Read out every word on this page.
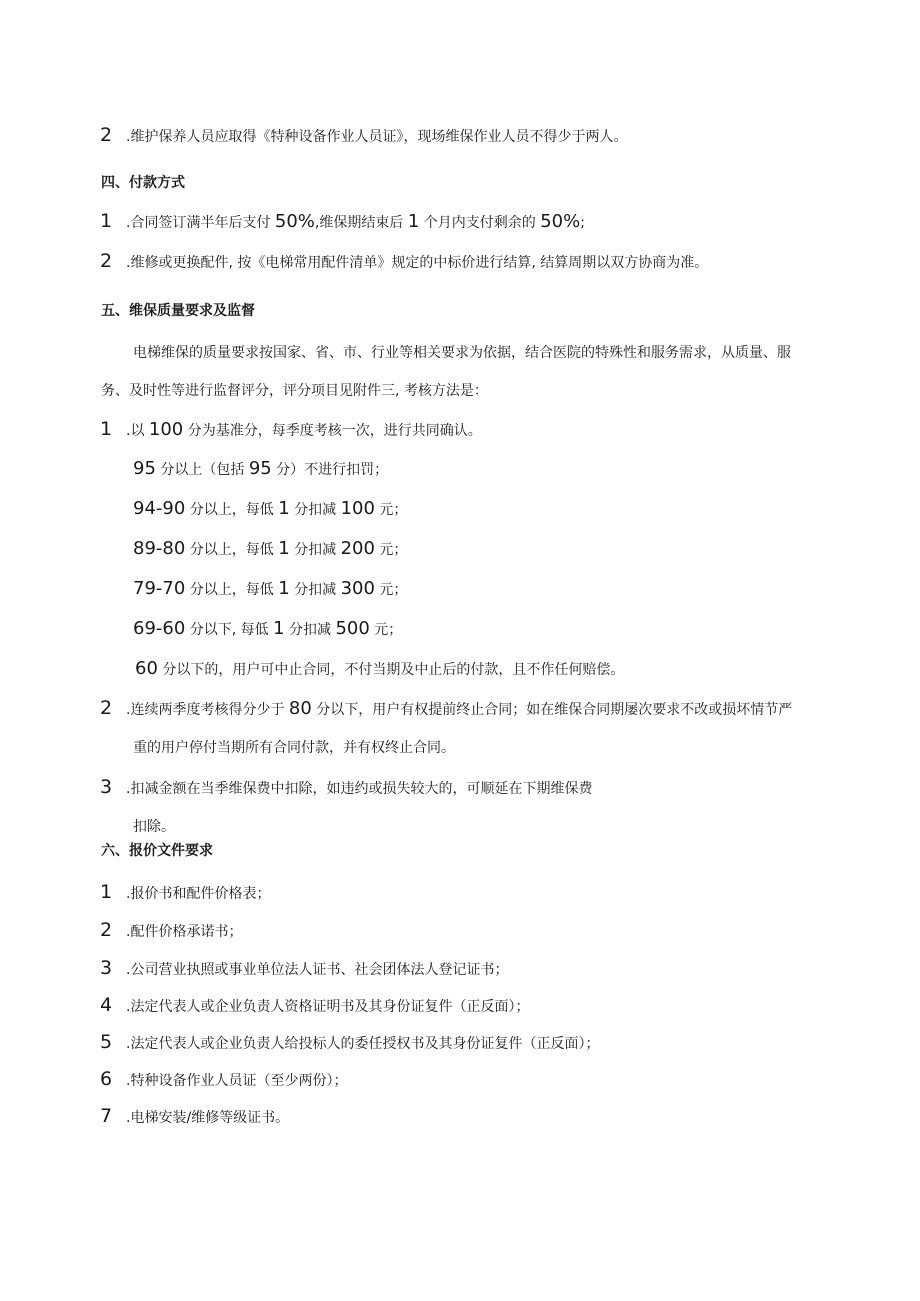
2 .维护保养人员应取得《特种设备作业人员证》，现场维保作业人员不得少于两人。
四、付款方式
1 .合同签订满半年后支付 50%,维保期结束后 1 个月内支付剩余的 50%;
2 .维修或更换配件, 按《电梯常用配件清单》规定的中标价进行结算, 结算周期以双方协商为准。
五、维保质量要求及监督
电梯维保的质量要求按国家、省、市、行业等相关要求为依据，结合医院的特殊性和服务需求，从质量、服
务、及时性等进行监督评分，评分项目见附件三, 考核方法是：
1 .以 100 分为基准分，每季度考核一次，进行共同确认。
95 分以上（包括 95 分）不进行扣罚；
94-90 分以上，每低 1 分扣减 100 元；
89-80 分以上，每低 1 分扣减 200 元；
79-70 分以上，每低 1 分扣减 300 元；
69-60 分以下, 每低 1 分扣减 500 元；
60 分以下的，用户可中止合同，不付当期及中止后的付款，且不作任何赔偿。
2 .连续两季度考核得分少于 80 分以下，用户有权提前终止合同；如在维保合同期屡次要求不改或损坏情节严
重的用户停付当期所有合同付款，并有权终止合同。
3 .扣减金额在当季维保费中扣除，如违约或损失较大的，可顺延在下期维保费
扣除。
六、报价文件要求
1 .报价书和配件价格表；
2 .配件价格承诺书；
3 .公司营业执照或事业单位法人证书、社会团体法人登记证书；
4 .法定代表人或企业负责人资格证明书及其身份证复件（正反面）；
5 .法定代表人或企业负责人给投标人的委任授权书及其身份证复件（正反面）；
6 .特种设备作业人员证（至少两份）；
7 .电梯安装/维修等级证书。
